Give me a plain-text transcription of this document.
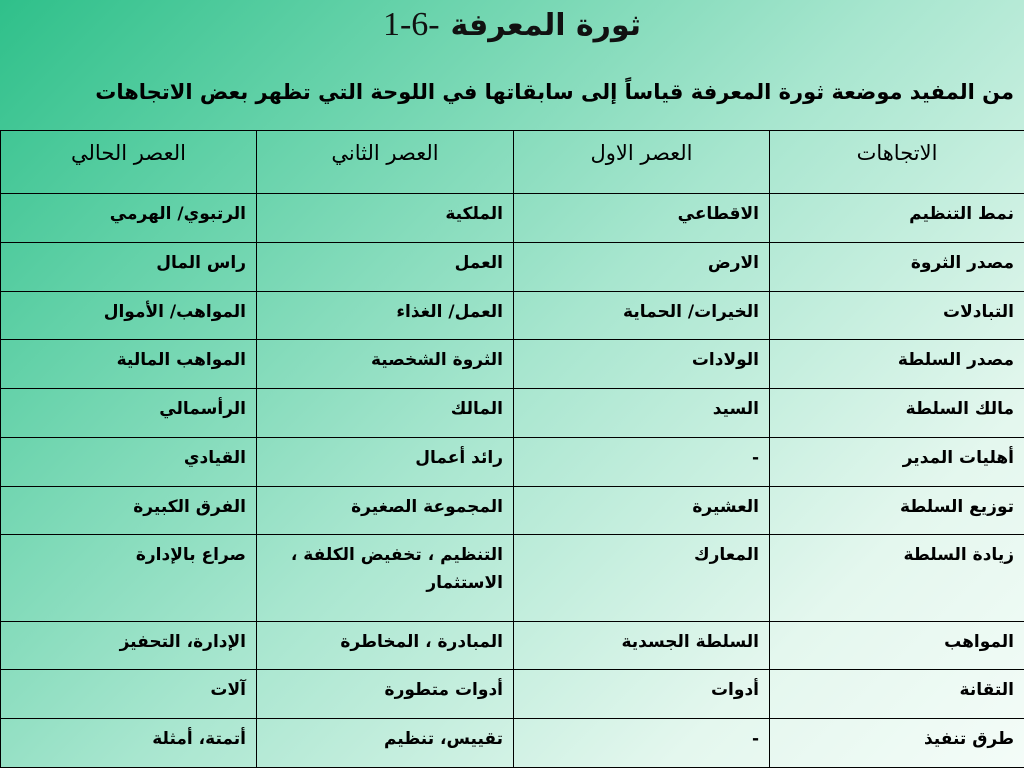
1-6- ثورة المعرفة
من المفيد موضعة ثورة المعرفة قياساً إلى سابقاتها في اللوحة التي تظهر بعض الاتجاهات
الاتجاهات	العصر الاول	العصر الثاني	العصر الحالي
نمط التنظيم	الاقطاعي	الملكية	الرتبوي/ الهرمي
مصدر الثروة	الارض	العمل	راس المال
التبادلات	الخيرات/ الحماية	العمل/ الغذاء	المواهب/ الأموال
مصدر السلطة	الولادات	الثروة الشخصية	المواهب المالية
مالك السلطة	السيد	المالك	الرأسمالي
أهليات المدير	-	رائد أعمال	القيادي
توزيع السلطة	العشيرة	المجموعة الصغيرة	الفرق الكبيرة
زيادة السلطة	المعارك	التنظيم ، تخفيض الكلفة ، الاستثمار	صراع بالإدارة
المواهب	السلطة الجسدية	المبادرة ، المخاطرة	الإدارة، التحفيز
التقانة	أدوات	أدوات متطورة	آلات
طرق تنفيذ	-	تقييس، تنظيم	أتمتة، أمثلة
